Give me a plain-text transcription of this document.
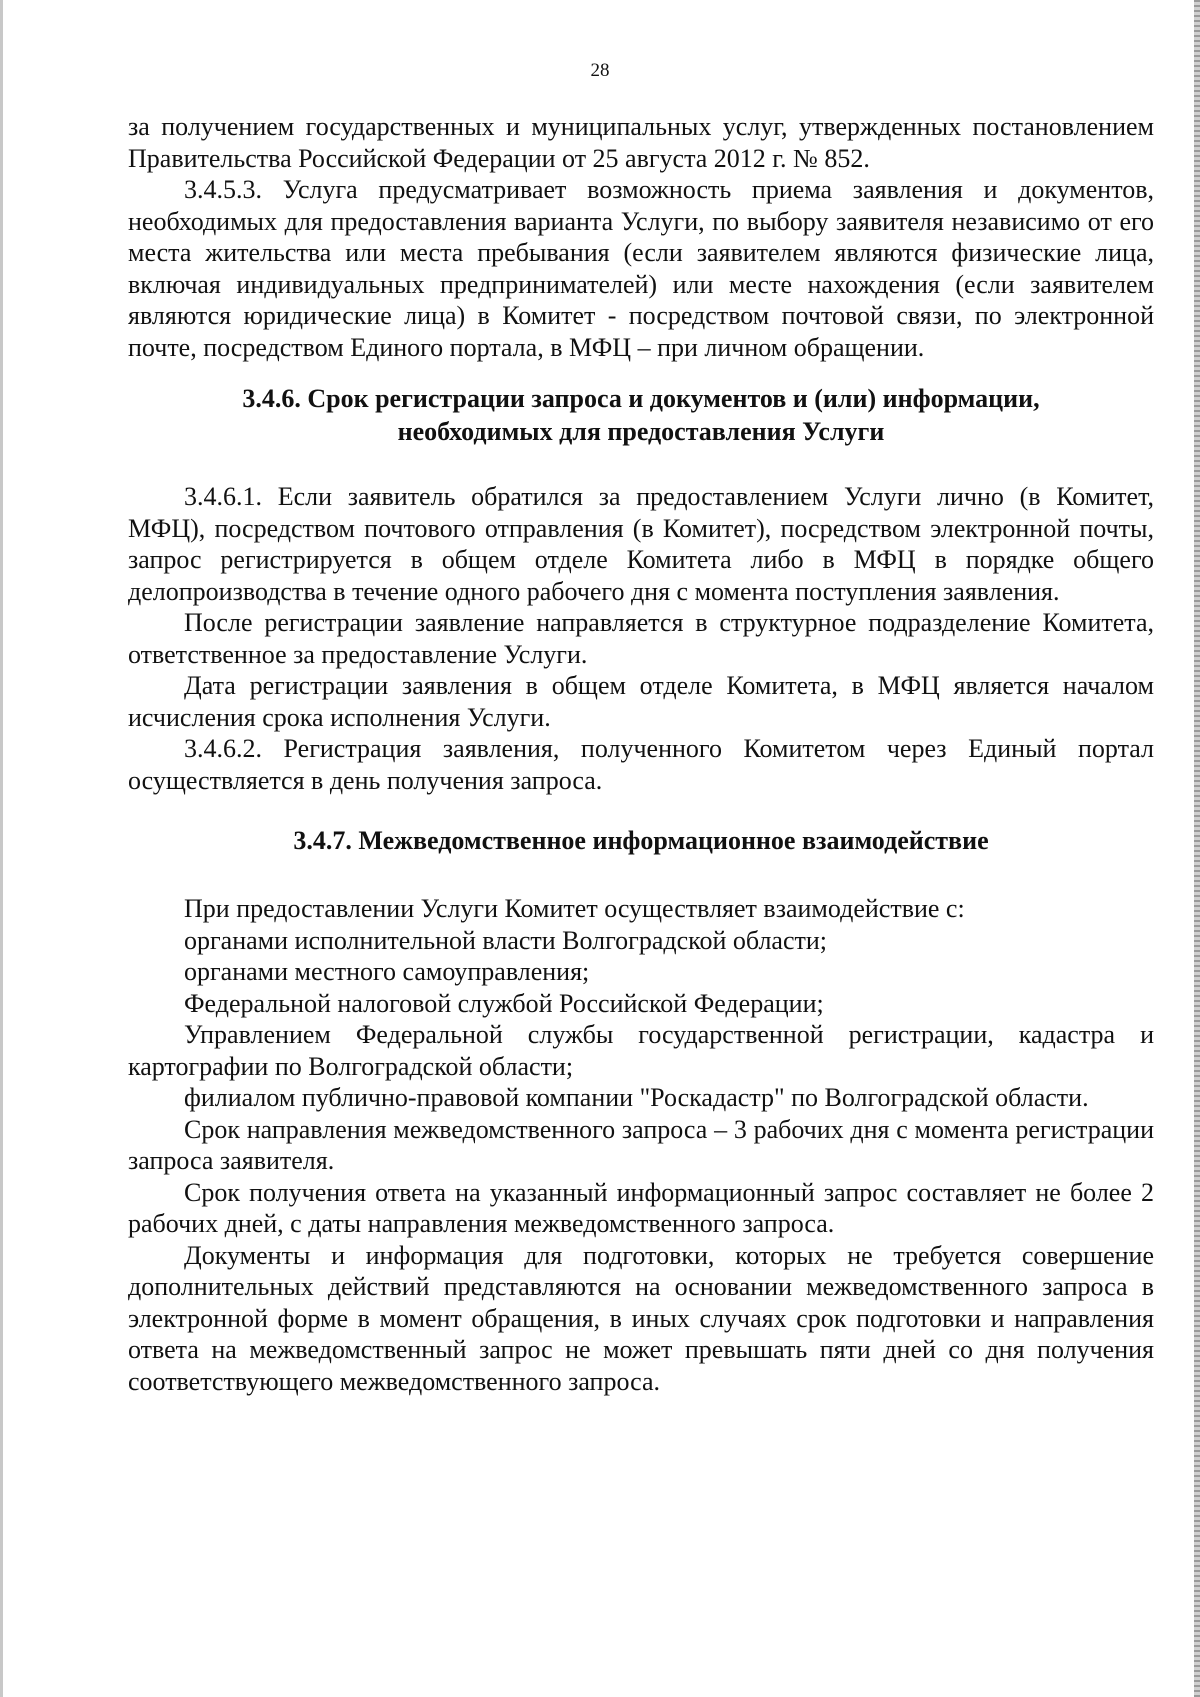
28

за получением государственных и муниципальных услуг, утвержденных постановлением Правительства Российской Федерации от 25 августа 2012 г. № 852.

3.4.5.3. Услуга предусматривает возможность приема заявления и документов, необходимых для предоставления варианта Услуги, по выбору заявителя независимо от его места жительства или места пребывания (если заявителем являются физические лица, включая индивидуальных предпринимателей) или месте нахождения (если заявителем являются юридические лица) в Комитет - посредством почтовой связи, по электронной почте, посредством Единого портала, в МФЦ – при личном обращении.

3.4.6. Срок регистрации запроса и документов и (или) информации,
необходимых для предоставления Услуги

3.4.6.1. Если заявитель обратился за предоставлением Услуги лично (в Комитет, МФЦ), посредством почтового отправления (в Комитет), посредством электронной почты, запрос регистрируется в общем отделе Комитета либо в МФЦ в порядке общего делопроизводства в течение одного рабочего дня с момента поступления заявления.

После регистрации заявление направляется в структурное подразделение Комитета, ответственное за предоставление Услуги.

Дата регистрации заявления в общем отделе Комитета, в МФЦ является началом исчисления срока исполнения Услуги.

3.4.6.2. Регистрация заявления, полученного Комитетом через Единый портал осуществляется в день получения запроса.

3.4.7. Межведомственное информационное взаимодействие

При предоставлении Услуги Комитет осуществляет взаимодействие с:

органами исполнительной власти Волгоградской области;

органами местного самоуправления;

Федеральной налоговой службой Российской Федерации;

Управлением Федеральной службы государственной регистрации, кадастра и картографии по Волгоградской области;

филиалом публично-правовой компании "Роскадастр" по Волгоградской области.

Срок направления межведомственного запроса – 3 рабочих дня с момента регистрации запроса заявителя.

Срок получения ответа на указанный информационный запрос составляет не более 2 рабочих дней, с даты направления межведомственного запроса.

Документы и информация для подготовки, которых не требуется совершение дополнительных действий представляются на основании межведомственного запроса в электронной форме в момент обращения, в иных случаях срок подготовки и направления ответа на межведомственный запрос не может превышать пяти дней со дня получения соответствующего межведомственного запроса.
